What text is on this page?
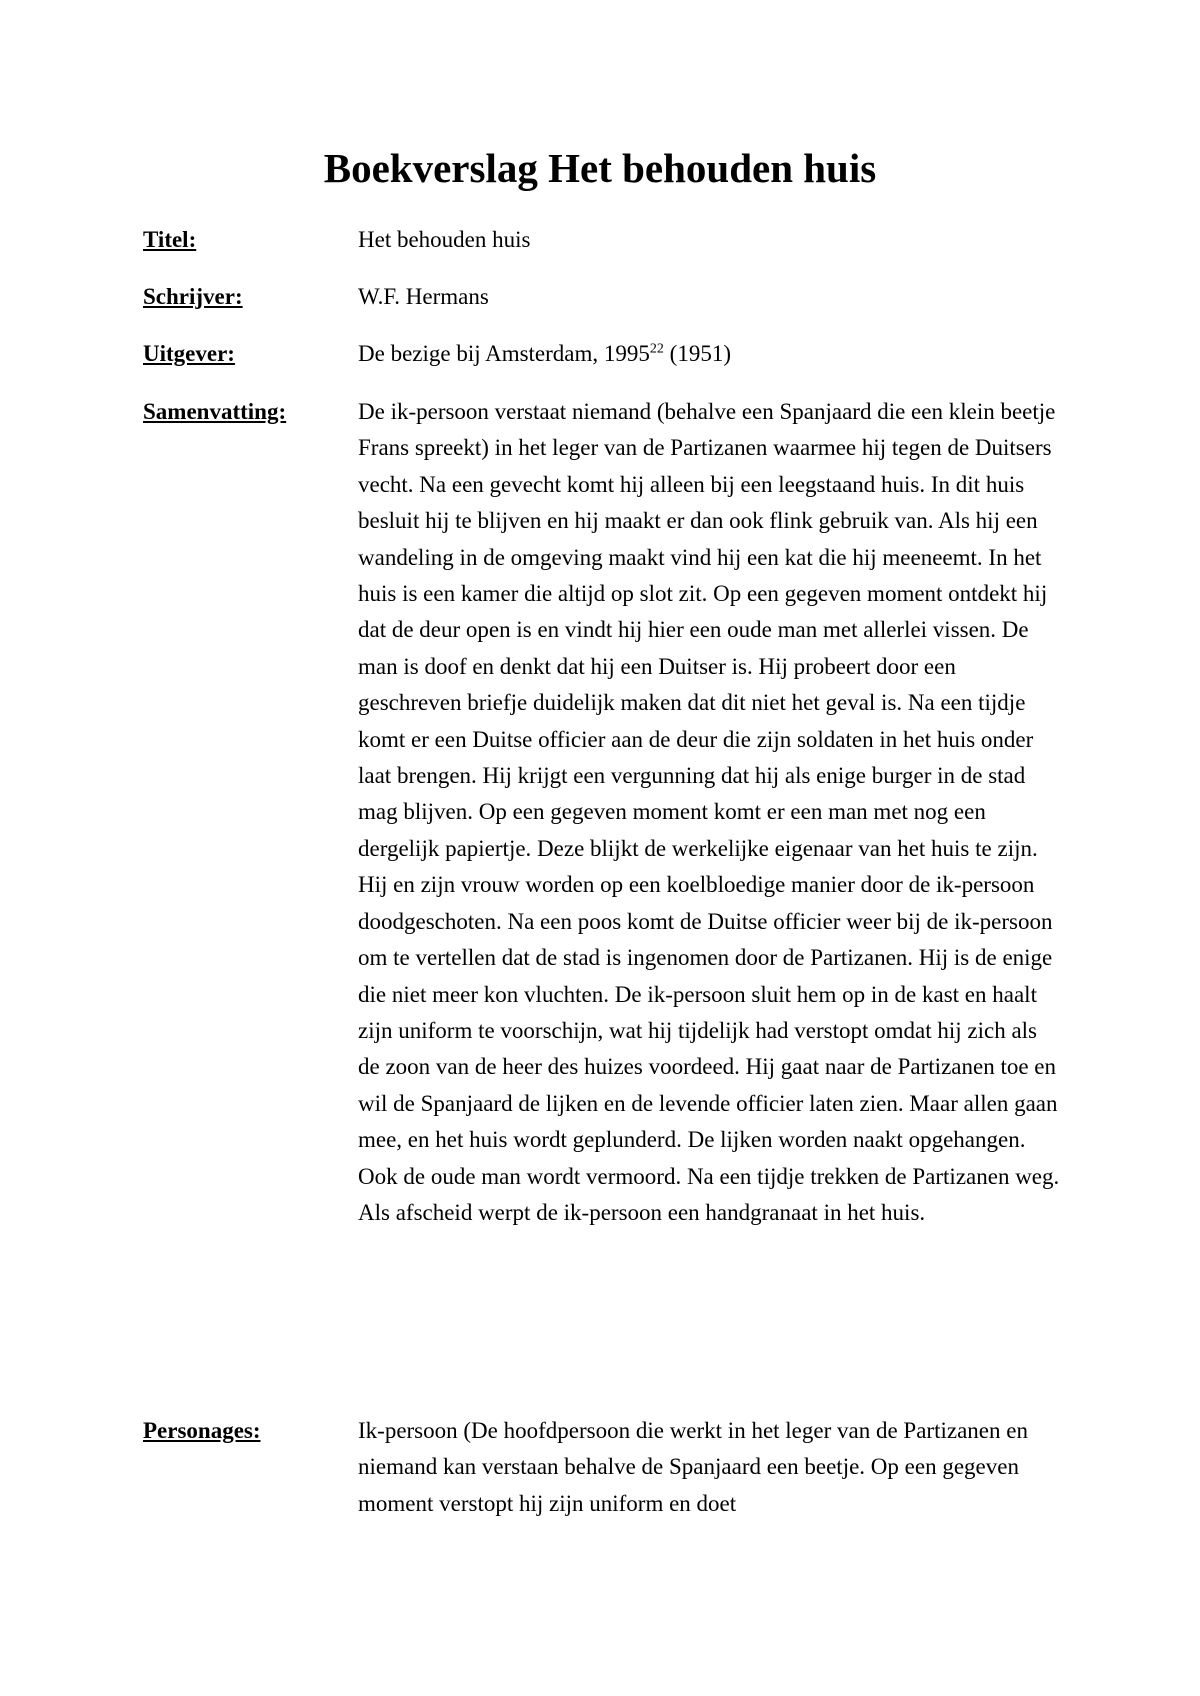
Boekverslag Het behouden huis
Titel:	Het behouden huis
Schrijver:	W.F. Hermans
Uitgever:	De bezige bij Amsterdam, 1995$^{22}$ (1951)
Samenvatting:	De ik-persoon verstaat niemand (behalve een Spanjaard die een klein beetje Frans spreekt) in het leger van de Partizanen waarmee hij tegen de Duitsers vecht. Na een gevecht komt hij alleen bij een leegstaand huis. In dit huis besluit hij te blijven en hij maakt er dan ook flink gebruik van. Als hij een wandeling in de omgeving maakt vind hij een kat die hij meeneemt. In het huis is een kamer die altijd op slot zit. Op een gegeven moment ontdekt hij dat de deur open is en vindt hij hier een oude man met allerlei vissen. De man is doof en denkt dat hij een Duitser is. Hij probeert door een geschreven briefje duidelijk maken dat dit niet het geval is. Na een tijdje komt er een Duitse officier aan de deur die zijn soldaten in het huis onder laat brengen. Hij krijgt een vergunning dat hij als enige burger in de stad mag blijven. Op een gegeven moment komt er een man met nog een dergelijk papiertje. Deze blijkt de werkelijke eigenaar van het huis te zijn. Hij en zijn vrouw worden op een koelbloedige manier door de ik-persoon doodgeschoten. Na een poos komt de Duitse officier weer bij de ik-persoon om te vertellen dat de stad is ingenomen door de Partizanen. Hij is de enige die niet meer kon vluchten. De ik-persoon sluit hem op in de kast en haalt zijn uniform te voorschijn, wat hij tijdelijk had verstopt omdat hij zich als de zoon van de heer des huizes voordeed. Hij gaat naar de Partizanen toe en wil de Spanjaard de lijken en de levende officier laten zien. Maar allen gaan mee, en het huis wordt geplunderd. De lijken worden naakt opgehangen. Ook de oude man wordt vermoord. Na een tijdje trekken de Partizanen weg. Als afscheid werpt de ik-persoon een handgranaat in het huis.
Personages:	Ik-persoon (De hoofdpersoon die werkt in het leger van de Partizanen en niemand kan verstaan behalve de Spanjaard een beetje. Op een gegeven moment verstopt hij zijn uniform en doet
